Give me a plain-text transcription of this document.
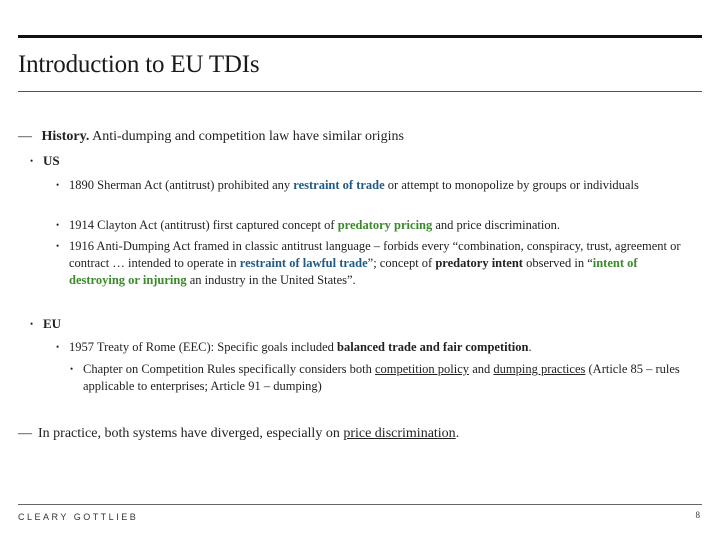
Introduction to EU TDIs
— History. Anti-dumping and competition law have similar origins
• US
• 1890 Sherman Act (antitrust) prohibited any restraint of trade or attempt to monopolize by groups or individuals
• 1914 Clayton Act (antitrust) first captured concept of predatory pricing and price discrimination.
• 1916 Anti-Dumping Act framed in classic antitrust language – forbids every “combination, conspiracy, trust, agreement or contract … intended to operate in restraint of lawful trade”; concept of predatory intent observed in “intent of destroying or injuring an industry in the United States”.
• EU
• 1957 Treaty of Rome (EEC): Specific goals included balanced trade and fair competition.
• Chapter on Competition Rules specifically considers both competition policy and dumping practices (Article 85 – rules applicable to enterprises; Article 91 – dumping)
— In practice, both systems have diverged, especially on price discrimination.
CLEARY GOTTLIEB	8
